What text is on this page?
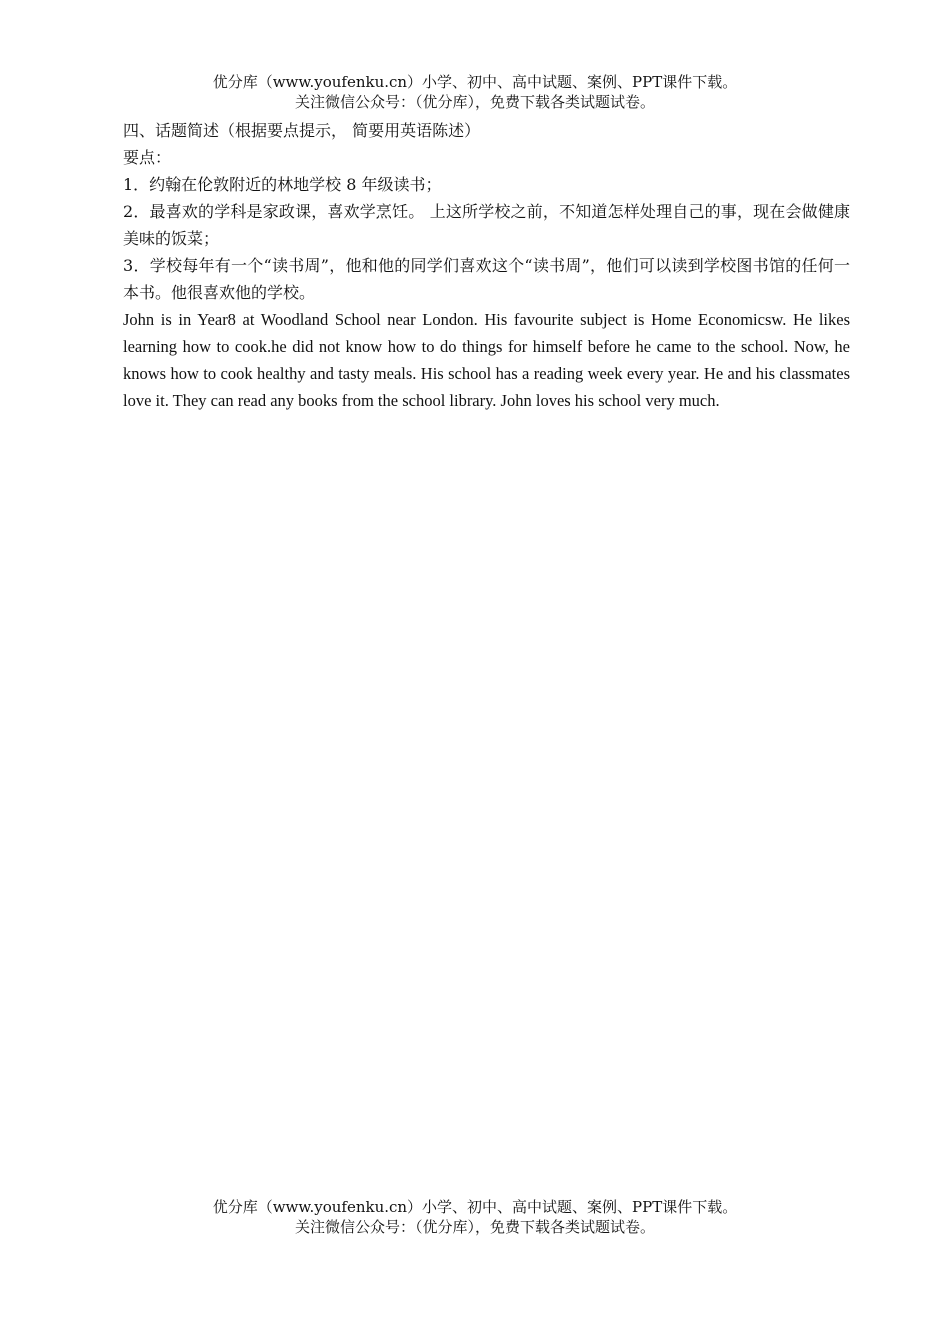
优分库（www.youfenku.cn）小学、初中、高中试题、案例、PPT课件下载。
关注微信公众号：（优分库），免费下载各类试题试卷。

四、话题简述（根据要点提示， 简要用英语陈述）

要点：

1．约翰在伦敦附近的林地学校 8 年级读书；

2．最喜欢的学科是家政课，喜欢学烹饪。 上这所学校之前，不知道怎样处理自己的事，现在会做健康美味的饭菜；

3．学校每年有一个“读书周”，他和他的同学们喜欢这个“读书周”，他们可以读到学校图书馆的任何一本书。他很喜欢他的学校。

John is in Year8 at Woodland School near London. His favourite subject is Home Economicsw. He likes learning how to cook.he did not know how to do things for himself before he came to the school. Now, he knows how to cook healthy and tasty meals. His school has a reading week every year. He and his classmates love it. They can read any books from the school library. John loves his school very much.

优分库（www.youfenku.cn）小学、初中、高中试题、案例、PPT课件下载。
关注微信公众号：（优分库），免费下载各类试题试卷。
